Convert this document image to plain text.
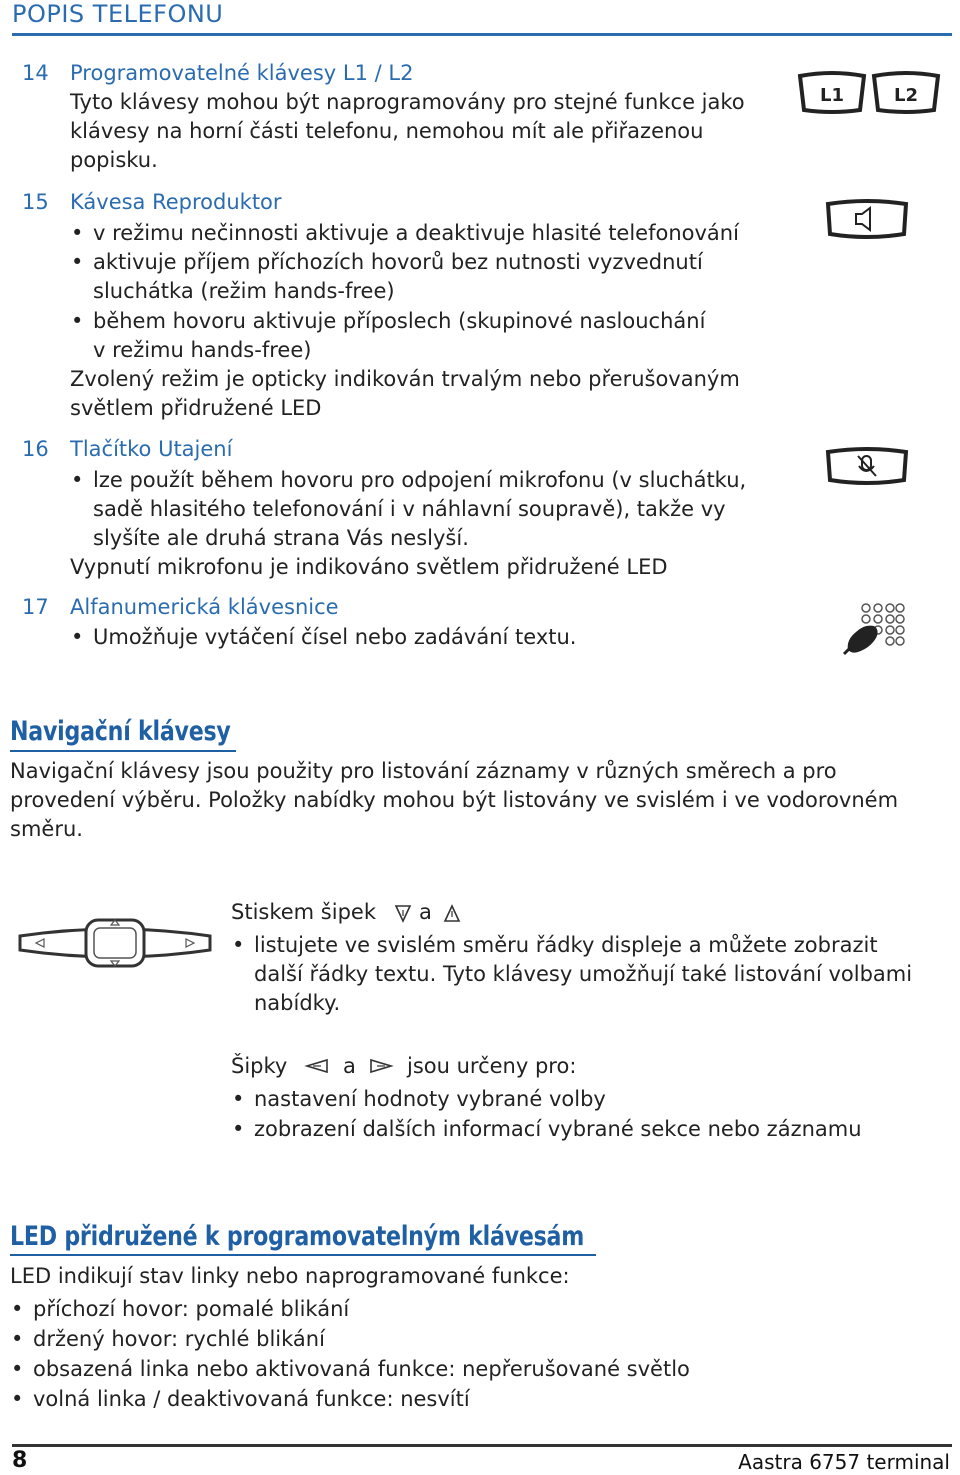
POPIS TELEFONU
14 Programovatelné klávesy L1 / L2
Tyto klávesy mohou být naprogramovány pro stejné funkce jako
klávesy na horní části telefonu, nemohou mít ale přiřazenou
popisku.
L1	L2
15 Kávesa Reproduktor
• v režimu nečinnosti aktivuje a deaktivuje hlasité telefonování
• aktivuje příjem příchozích hovorů bez nutnosti vyzvednutí
sluchátka (režim hands-free)
• během hovoru aktivuje příposlech (skupinové naslouchání
v režimu hands-free)
Zvolený režim je opticky indikován trvalým nebo přerušovaným
světlem přidružené LED
16 Tlačítko Utajení
• lze použít během hovoru pro odpojení mikrofonu (v sluchátku,
sadě hlasitého telefonování i v náhlavní soupravě), takže vy
slyšíte ale druhá strana Vás neslyší.
Vypnutí mikrofonu je indikováno světlem přidružené LED
17 Alfanumerická klávesnice
• Umožňuje vytáčení čísel nebo zadávání textu.
Navigační klávesy
Navigační klávesy jsou použity pro listování záznamy v různých směrech a pro
provedení výběru. Položky nabídky mohou být listovány ve svislém i ve vodorovném
směru.
Stiskem šipek a
• listujete ve svislém směru řádky displeje a můžete zobrazit
další řádky textu. Tyto klávesy umožňují také listování volbami
nabídky.
Šipky	a jsou určeny pro:
• nastavení hodnoty vybrané volby
• zobrazení dalších informací vybrané sekce nebo záznamu
LED přidružené k programovatelným klávesám
LED indikují stav linky nebo naprogramované funkce:
• příchozí hovor: pomalé blikání
• držený hovor: rychlé blikání
• obsazená linka nebo aktivovaná funkce: nepřerušované světlo
• volná linka / deaktivovaná funkce: nesvítí
8	Aastra 6757 terminal
